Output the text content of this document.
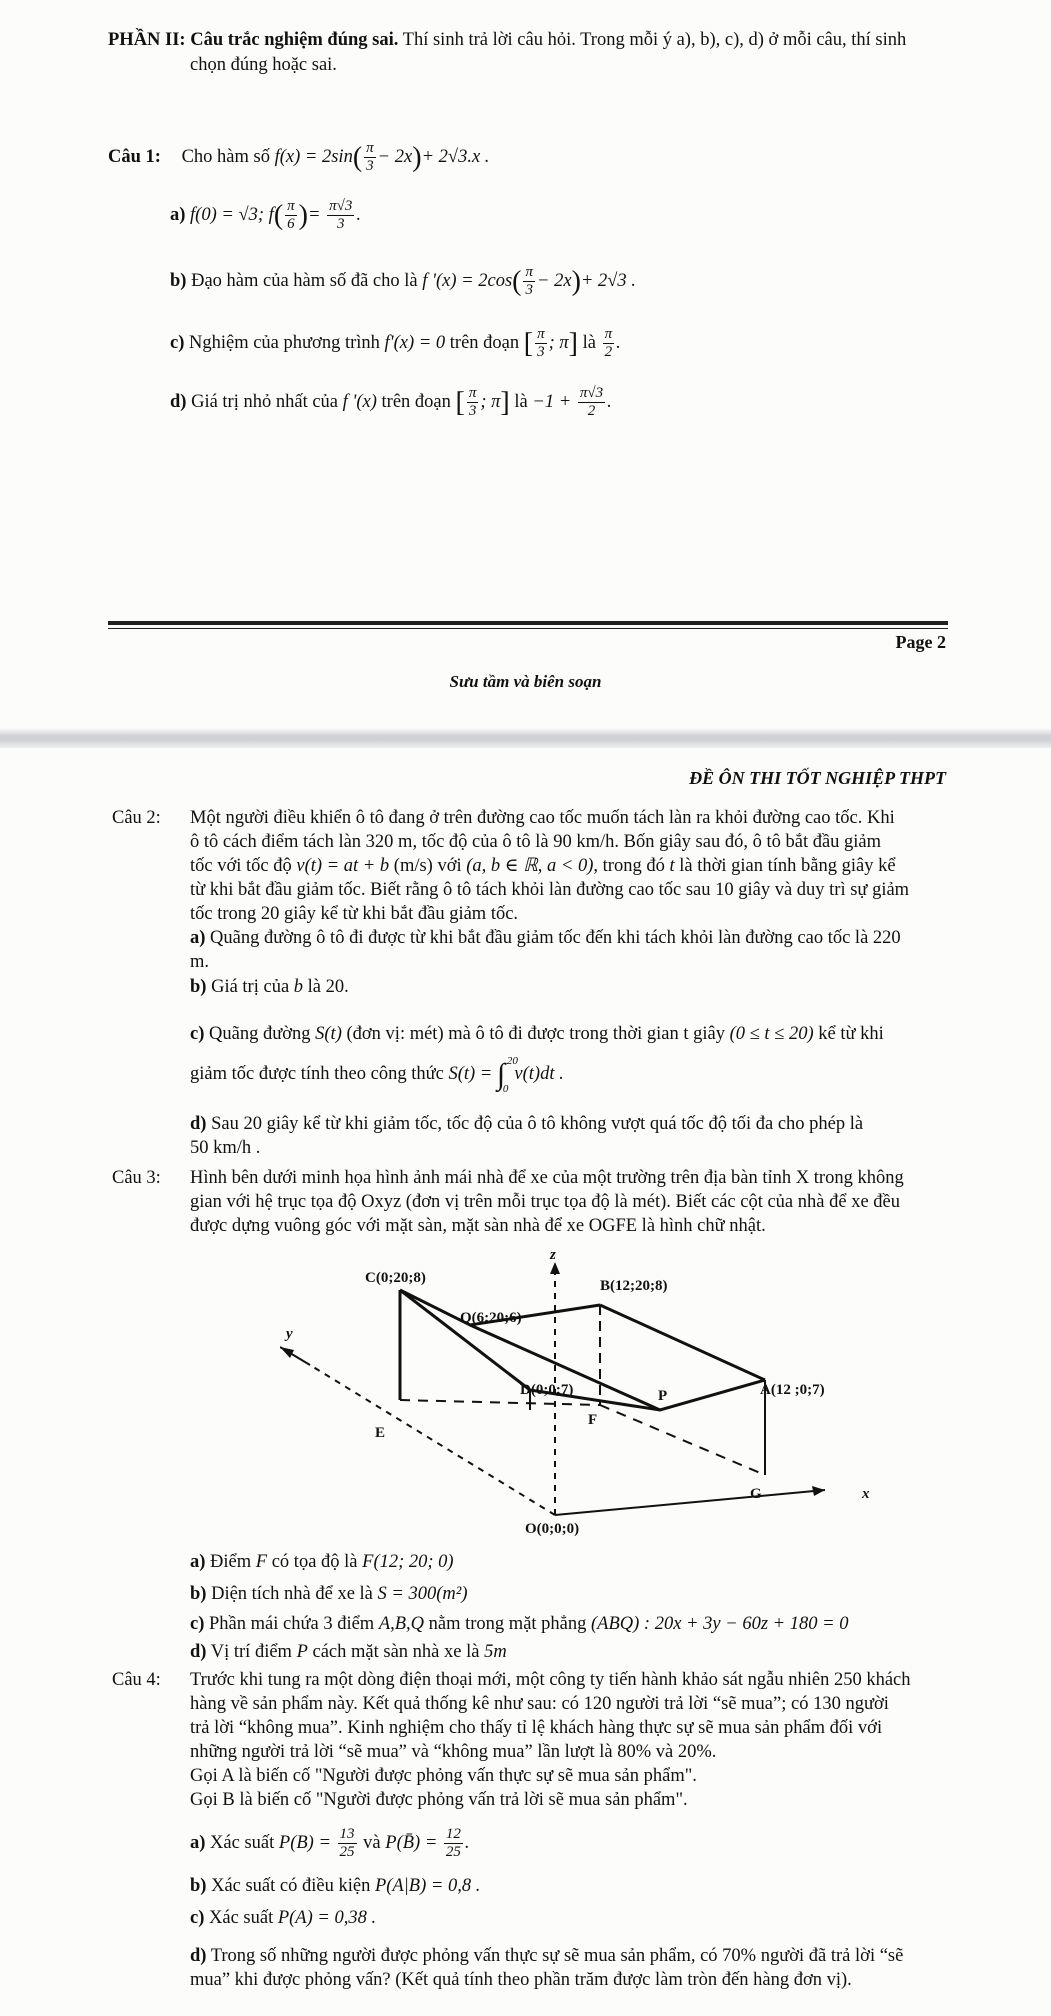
PHẦN II: Câu trắc nghiệm đúng sai. Thí sinh trả lời câu hỏi. Trong mỗi ý a), b), c), d) ở mỗi câu, thí sinh
chọn đúng hoặc sai.
Câu 1: Cho hàm số $f(x) = 2\sin( \frac{\pi}{3} - 2x)+ 2√3.x$ .
a) f(0) = √3; $f( \frac{\pi}{6}$ )= $\frac{\pi√3}{3}$ .
b) Đạo hàm của hàm số đã cho là f '$(x) = 2\cos( \frac{\pi}{3} - 2x)+ 2√3$ .
c) Nghiệm của phương trình f'(x) = 0 trên đoạn [ $\frac{\pi}{3}$ ; π] là $\frac{\pi}{2}$ .
d) Giá trị nhỏ nhất của f '(x) trên đoạn [ $\frac{\pi}{3}$ ; π] là $-1 + \frac{\pi√3}{2}$ .
Page 2
Sưu tầm và biên soạn
ĐỀ ÔN THI TỐT NGHIỆP THPT
Câu 2: Một người điều khiển ô tô đang ở trên đường cao tốc muốn tách làn ra khỏi đường cao tốc. Khi
ô tô cách điểm tách làn 320 m, tốc độ của ô tô là 90 km/h. Bốn giây sau đó, ô tô bắt đầu giảm
tốc với tốc độ v(t) = at + b (m/s) với (a, b ∈ ℝ, a < 0), trong đó t là thời gian tính bằng giây kể
từ khi bắt đầu giảm tốc. Biết rằng ô tô tách khỏi làn đường cao tốc sau 10 giây và duy trì sự giảm
tốc trong 20 giây kể từ khi bắt đầu giảm tốc.
a) Quãng đường ô tô đi được từ khi bắt đầu giảm tốc đến khi tách khỏi làn đường cao tốc là 220
m.
b) Giá trị của b là 20.
c) Quãng đường S(t) (đơn vị: mét) mà ô tô đi được trong thời gian t giây (0 ≤ t ≤ 20) kể từ khi
giảm tốc được tính theo công thức S(t) = ∫ 20
0
v(t)dt .
d) Sau 20 giây kể từ khi giảm tốc, tốc độ của ô tô không vượt quá tốc độ tối đa cho phép là
50 km/h .
Câu 3: Hình bên dưới minh họa hình ảnh mái nhà để xe của một trường trên địa bàn tỉnh X trong không
gian với hệ trục tọa độ Oxyz (đơn vị trên mỗi trục tọa độ là mét). Biết các cột của nhà để xe đều
được dựng vuông góc với mặt sàn, mặt sàn nhà để xe OGFE là hình chữ nhật.
C(0;20;8)
Q(6;20;6)
B(12;20;8)
D(0;0;7)	A(12 ;0;7)
P
E
F
G
O(0;0;0)
x
y
z
a) Điểm F có tọa độ là F(12; 20; 0)
b) Diện tích nhà để xe là S = 300(m²)
c) Phần mái chứa 3 điểm A,B,Q nằm trong mặt phẳng (ABQ) : 20x + 3y − 60z + 180 = 0
d) Vị trí điểm P cách mặt sàn nhà xe là 5m
Câu 4: Trước khi tung ra một dòng điện thoại mới, một công ty tiến hành khảo sát ngẫu nhiên 250 khách
hàng về sản phẩm này. Kết quả thống kê như sau: có 120 người trả lời “sẽ mua”; có 130 người
trả lời “không mua”. Kinh nghiệm cho thấy tỉ lệ khách hàng thực sự sẽ mua sản phẩm đối với
những người trả lời “sẽ mua” và “không mua” lần lượt là 80% và 20%.
Gọi A là biến cố "Người được phỏng vấn thực sự sẽ mua sản phẩm".
Gọi B là biến cố "Người được phỏng vấn trả lời sẽ mua sản phẩm".
a) Xác suất $P(B) = \frac{13}{25}$ và P(B̄) = $\frac{12}{25}$ .
b) Xác suất có điều kiện P(A|B) = 0,8 .
c) Xác suất P(A) = 0,38 .
d) Trong số những người được phỏng vấn thực sự sẽ mua sản phẩm, có 70% người đã trả lời “sẽ
mua” khi được phỏng vấn? (Kết quả tính theo phần trăm được làm tròn đến hàng đơn vị).
